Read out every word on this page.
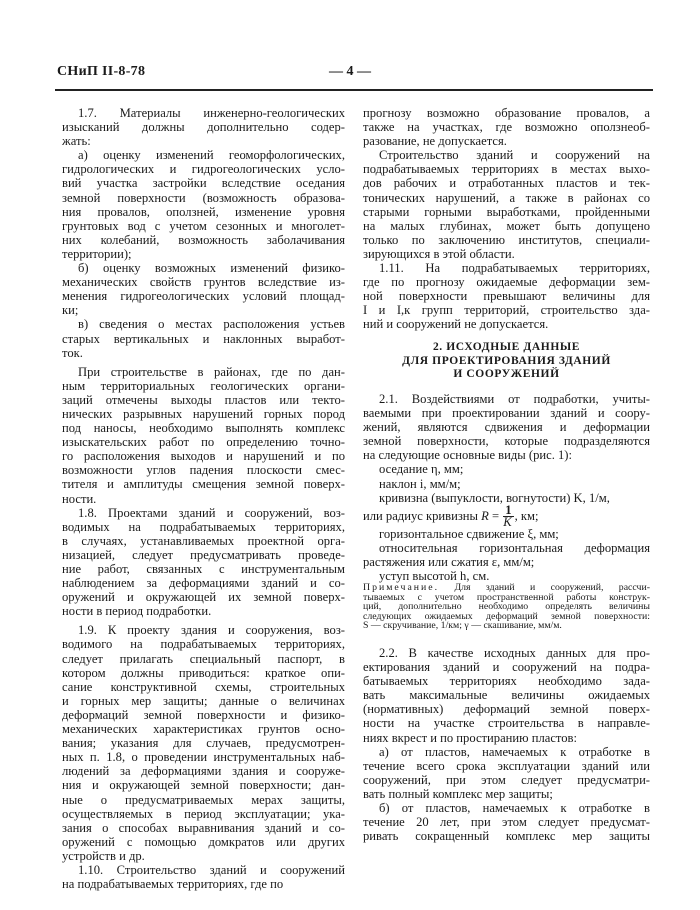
СНиП II-8-78	— 4 —
1.7. Материалы инженерно-геологических
изысканий должны дополнительно содер-
жать:
а) оценку изменений геоморфологических,
гидрологических и гидрогеологических усло-
вий участка застройки вследствие оседания
земной поверхности (возможность образова-
ния провалов, оползней, изменение уровня
грунтовых вод с учетом сезонных и многолет-
них колебаний, возможность заболачивания
территории);
б) оценку возможных изменений физико-
механических свойств грунтов вследствие из-
менения гидрогеологических условий площад-
ки;
в) сведения о местах расположения устьев
старых вертикальных и наклонных выработ-
ток.
При строительстве в районах, где по дан-
ным территориальных геологических органи-
заций отмечены выходы пластов или текто-
нических разрывных нарушений горных пород
под наносы, необходимо выполнять комплекс
изыскательских работ по определению точно-
го расположения выходов и нарушений и по
возможности углов падения плоскости смес-
тителя и амплитуды смещения земной поверх-
ности.
1.8. Проектами зданий и сооружений, воз-
водимых на подрабатываемых территориях,
в случаях, устанавливаемых проектной орга-
низацией, следует предусматривать проведе-
ние работ, связанных с инструментальным
наблюдением за деформациями зданий и со-
оружений и окружающей их земной поверх-
ности в период подработки.
1.9. К проекту здания и сооружения, воз-
водимого на подрабатываемых территориях,
следует прилагать специальный паспорт, в
котором должны приводиться: краткое опи-
сание конструктивной схемы, строительных
и горных мер защиты; данные о величинах
деформаций земной поверхности и физико-
механических характеристиках грунтов осно-
вания; указания для случаев, предусмотрен-
ных п. 1.8, о проведении инструментальных наб-
людений за деформациями здания и сооруже-
ния и окружающей земной поверхности; дан-
ные о предусматриваемых мерах защиты,
осуществляемых в период эксплуатации; ука-
зания о способах выравнивания зданий и со-
оружений с помощью домкратов или других
устройств и др.
1.10. Строительство зданий и сооружений
на подрабатываемых территориях, где по
прогнозу возможно образование провалов, а
также на участках, где возможно оползнеоб-
разование, не допускается.
Строительство зданий и сооружений на
подрабатываемых территориях в местах выхо-
дов рабочих и отработанных пластов и тек-
тонических нарушений, а также в районах со
старыми горными выработками, пройденными
на малых глубинах, может быть допущено
только по заключению институтов, специали-
зирующихся в этой области.
1.11. На подрабатываемых территориях,
где по прогнозу ожидаемые деформации зем-
ной поверхности превышают величины для
I и I,к групп территорий, строительство зда-
ний и сооружений не допускается.
2. ИСХОДНЫЕ ДАННЫЕ
ДЛЯ ПРОЕКТИРОВАНИЯ ЗДАНИЙ
И СООРУЖЕНИЙ
2.1. Воздействиями от подработки, учиты-
ваемыми при проектировании зданий и соору-
жений, являются сдвижения и деформации
земной поверхности, которые подразделяются
на следующие основные виды (рис. 1):
оседание η, мм;
наклон i, мм/м;
кривизна (выпуклости, вогнутости) K, 1/м,
или радиус кривизны $R = \frac{1}{K}$ , км;
горизонтальное сдвижение ξ, мм;
относительная горизонтальная деформация
растяжения или сжатия ε, мм/м;
уступ высотой h, см.
Примечание. Для зданий и сооружений, рассчи-
тываемых с учетом пространственной работы конструк-
ций, дополнительно необходимо определять величины
следующих ожидаемых деформаций земной поверхности:
S — скручивание, 1/км; γ — скашивание, мм/м.
2.2. В качестве исходных данных для про-
ектирования зданий и сооружений на подра-
батываемых территориях необходимо зада-
вать максимальные величины ожидаемых
(нормативных) деформаций земной поверх-
ности на участке строительства в направле-
ниях вкрест и по простиранию пластов:
а) от пластов, намечаемых к отработке в
течение всего срока эксплуатации зданий или
сооружений, при этом следует предусматри-
вать полный комплекс мер защиты;
б) от пластов, намечаемых к отработке в
течение 20 лет, при этом следует предусмат-
ривать сокращенный комплекс мер защиты
